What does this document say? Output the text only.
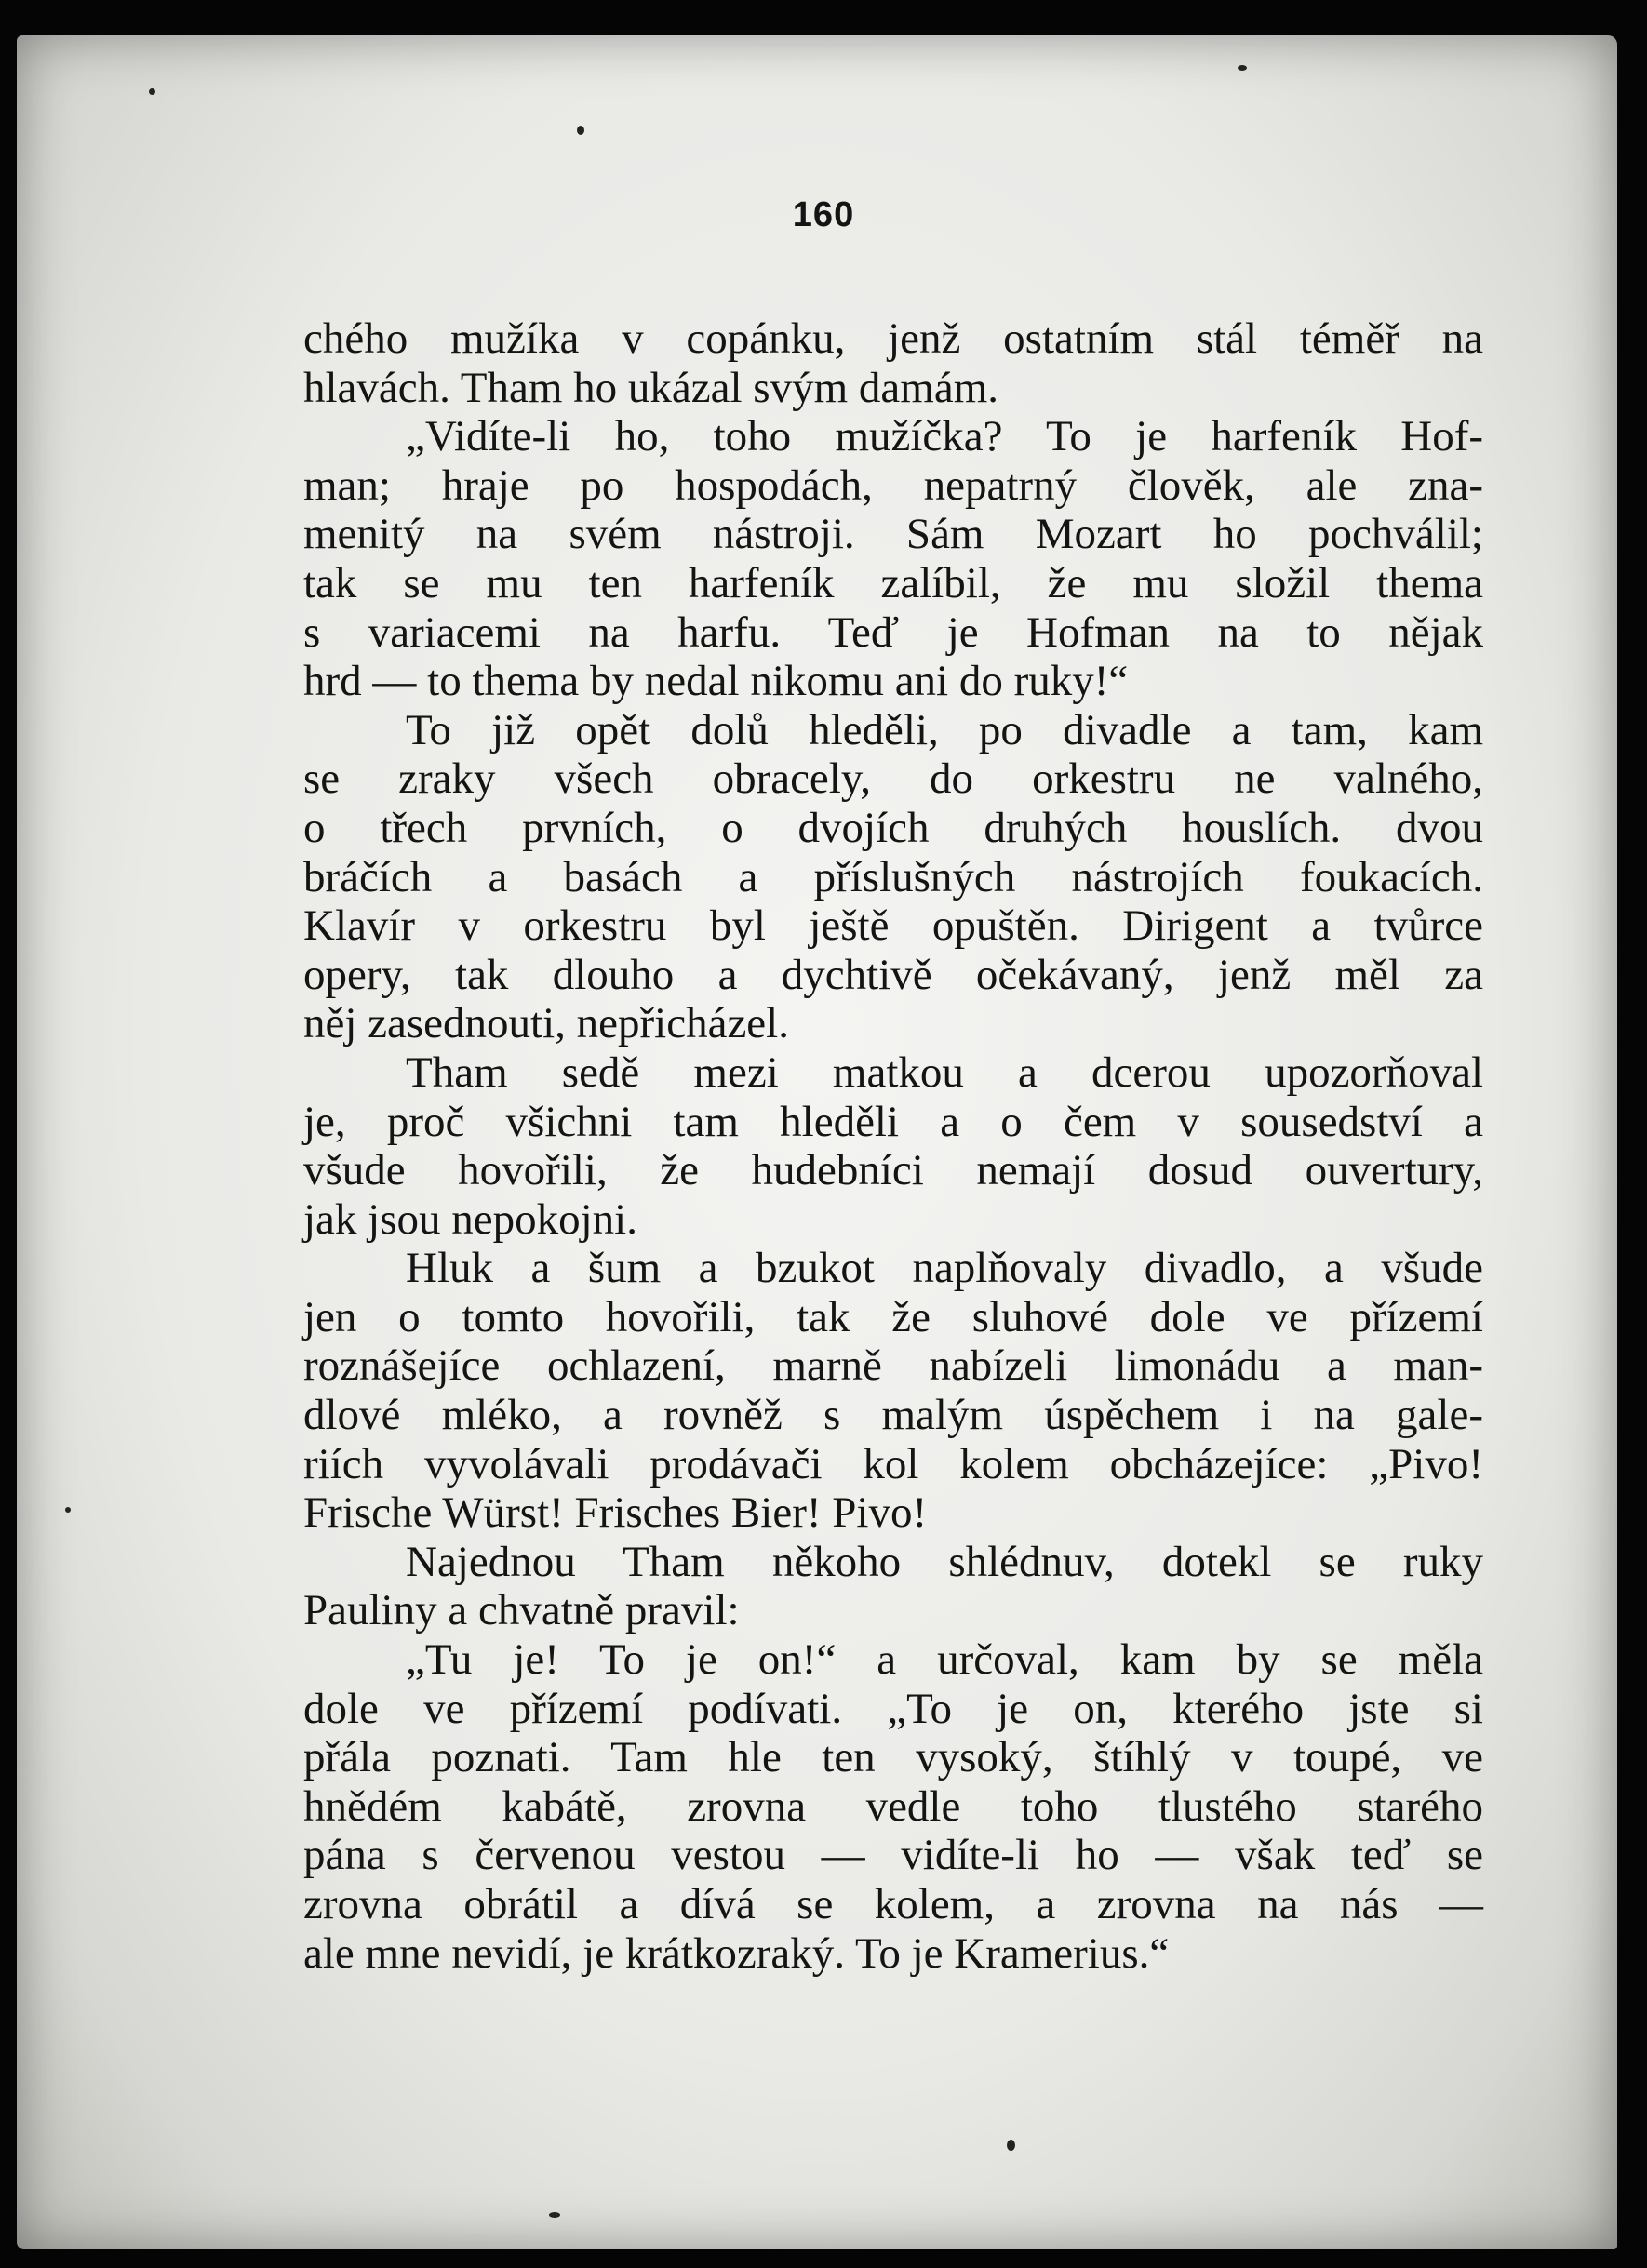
160
chého mužíka v copánku, jenž ostatním stál téměř na
hlavách. Tham ho ukázal svým damám.
„Vidíte-li ho, toho mužíčka? To je harfeník Hof-
man; hraje po hospodách, nepatrný člověk, ale zna-
menitý na svém nástroji. Sám Mozart ho pochválil;
tak se mu ten harfeník zalíbil, že mu složil thema
s variacemi na harfu. Teď je Hofman na to nějak
hrd — to thema by nedal nikomu ani do ruky!“
To již opět dolů hleděli, po divadle a tam, kam
se zraky všech obracely, do orkestru ne valného,
o třech prvních, o dvojích druhých houslích. dvou
bráčích a basách a příslušných nástrojích foukacích.
Klavír v orkestru byl ještě opuštěn. Dirigent a tvůrce
opery, tak dlouho a dychtivě očekávaný, jenž měl za
něj zasednouti, nepřicházel.
Tham sedě mezi matkou a dcerou upozorňoval
je, proč všichni tam hleděli a o čem v sousedství a
všude hovořili, že hudebníci nemají dosud ouvertury,
jak jsou nepokojni.
Hluk a šum a bzukot naplňovaly divadlo, a všude
jen o tomto hovořili, tak že sluhové dole ve přízemí
roznášejíce ochlazení, marně nabízeli limonádu a man-
dlové mléko, a rovněž s malým úspěchem i na gale-
riích vyvolávali prodávači kol kolem obcházejíce: „Pivo!
Frische Würst! Frisches Bier! Pivo!
Najednou Tham někoho shlédnuv, dotekl se ruky
Pauliny a chvatně pravil:
„Tu je! To je on!“ a určoval, kam by se měla
dole ve přízemí podívati. „To je on, kterého jste si
přála poznati. Tam hle ten vysoký, štíhlý v toupé, ve
hnědém kabátě, zrovna vedle toho tlustého starého
pána s červenou vestou — vidíte-li ho — však teď se
zrovna obrátil a dívá se kolem, a zrovna na nás —
ale mne nevidí, je krátkozraký. To je Kramerius.“
